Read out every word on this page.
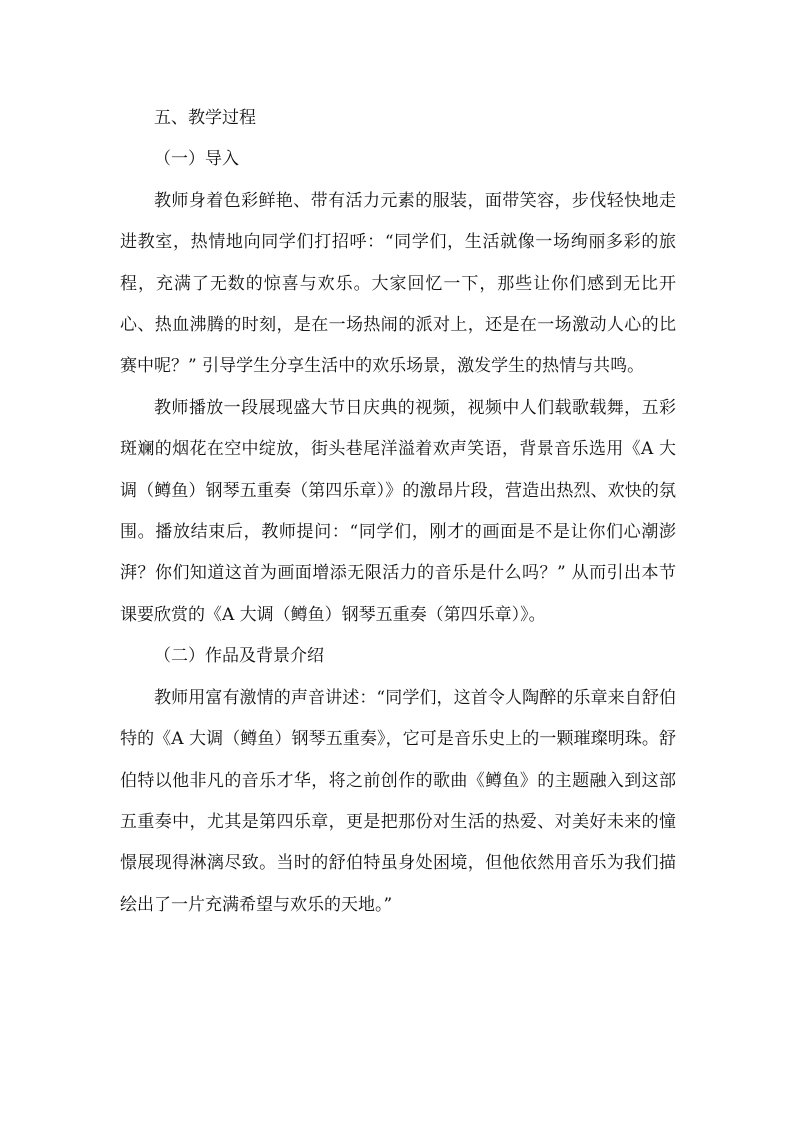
五、教学过程

（一）导入

教师身着色彩鲜艳、带有活力元素的服装，面带笑容，步伐轻快地走进教室，热情地向同学们打招呼：“同学们，生活就像一场绚丽多彩的旅程，充满了无数的惊喜与欢乐。大家回忆一下，那些让你们感到无比开心、热血沸腾的时刻，是在一场热闹的派对上，还是在一场激动人心的比赛中呢？” 引导学生分享生活中的欢乐场景，激发学生的热情与共鸣。

教师播放一段展现盛大节日庆典的视频，视频中人们载歌载舞，五彩斑斓的烟花在空中绽放，街头巷尾洋溢着欢声笑语，背景音乐选用《A 大调（鳟鱼）钢琴五重奏（第四乐章）》的激昂片段，营造出热烈、欢快的氛围。播放结束后，教师提问：“同学们，刚才的画面是不是让你们心潮澎湃？你们知道这首为画面增添无限活力的音乐是什么吗？” 从而引出本节课要欣赏的《A 大调（鳟鱼）钢琴五重奏（第四乐章）》。

（二）作品及背景介绍

教师用富有激情的声音讲述：“同学们，这首令人陶醉的乐章来自舒伯特的《A 大调（鳟鱼）钢琴五重奏》，它可是音乐史上的一颗璀璨明珠。舒伯特以他非凡的音乐才华，将之前创作的歌曲《鳟鱼》的主题融入到这部五重奏中，尤其是第四乐章，更是把那份对生活的热爱、对美好未来的憧憬展现得淋漓尽致。当时的舒伯特虽身处困境，但他依然用音乐为我们描绘出了一片充满希望与欢乐的天地。”
